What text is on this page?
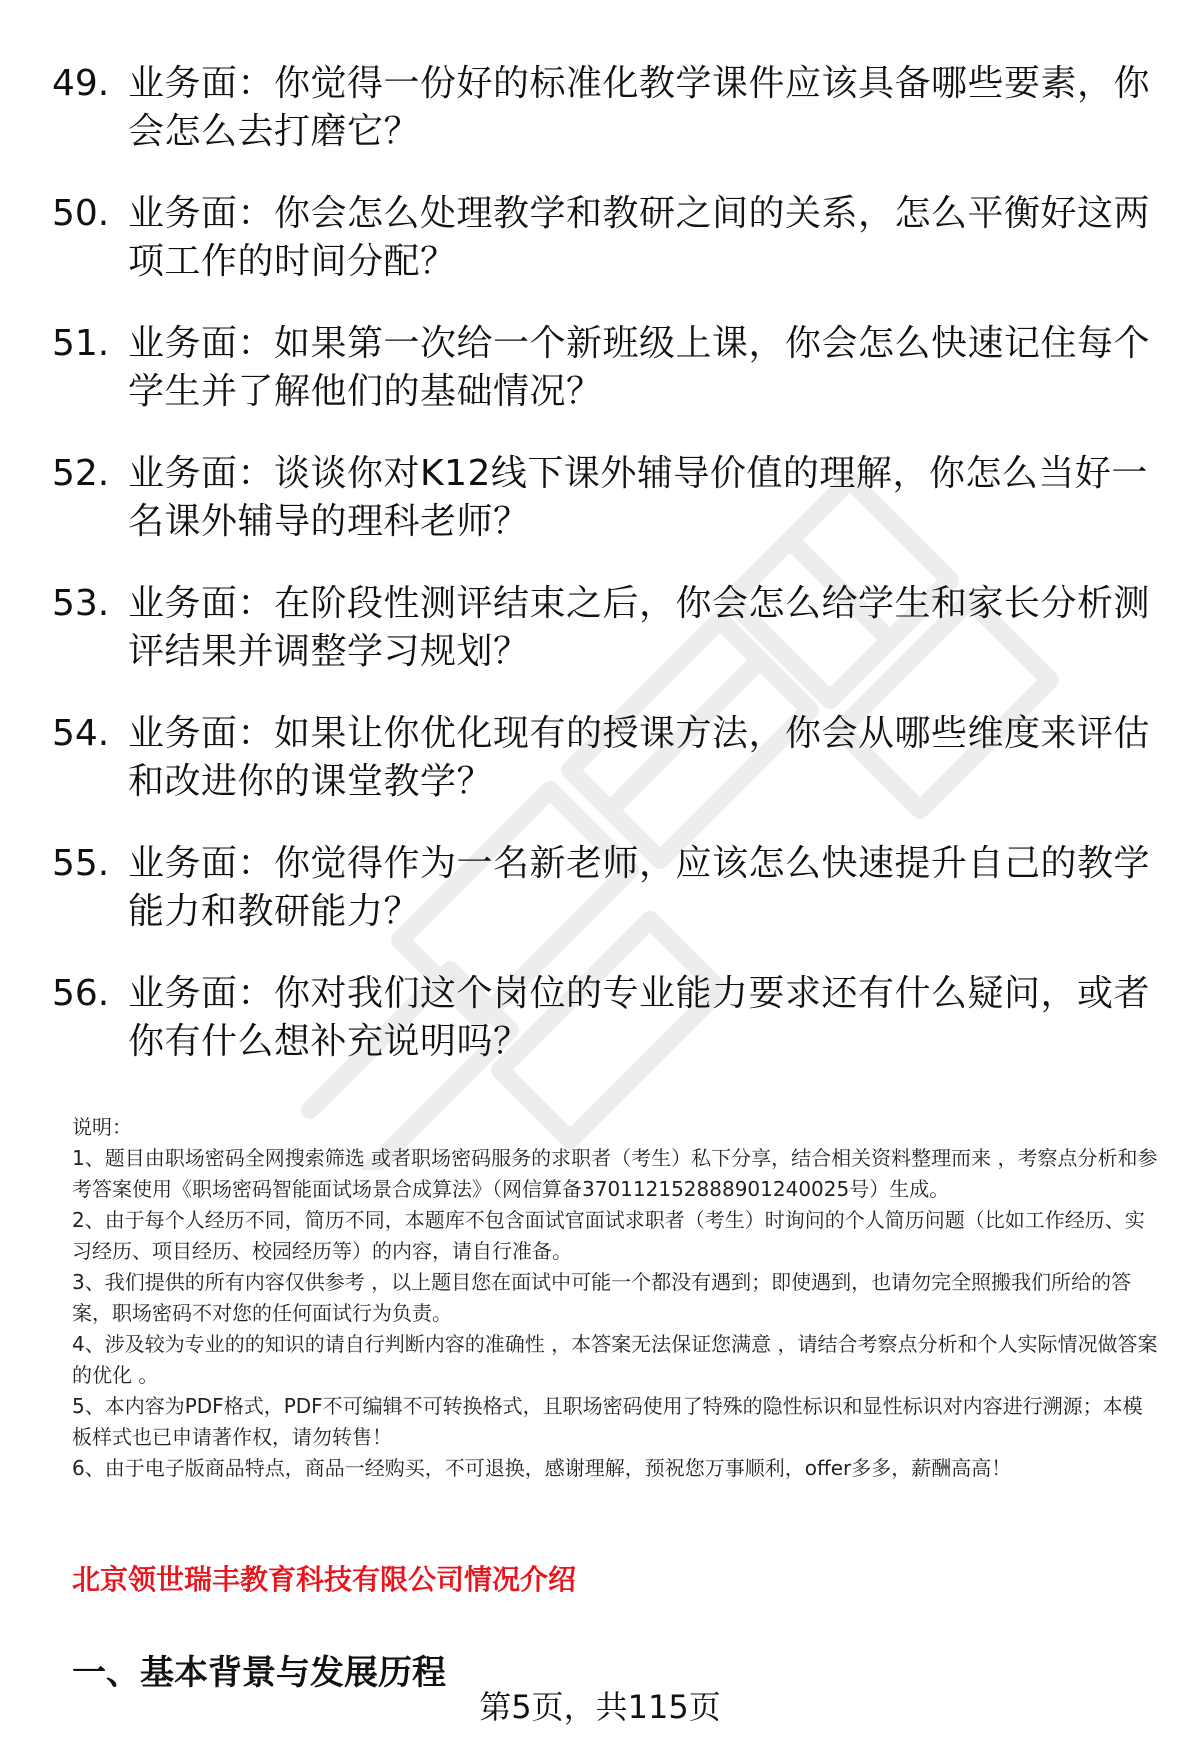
49. 业务面：你觉得一份好的标准化教学课件应该具备哪些要素，你会怎么去打磨它？
50. 业务面：你会怎么处理教学和教研之间的关系，怎么平衡好这两项工作的时间分配？
51. 业务面：如果第一次给一个新班级上课，你会怎么快速记住每个学生并了解他们的基础情况？
52. 业务面：谈谈你对K12线下课外辅导价值的理解，你怎么当好一名课外辅导的理科老师？
53. 业务面：在阶段性测评结束之后，你会怎么给学生和家长分析测评结果并调整学习规划？
54. 业务面：如果让你优化现有的授课方法，你会从哪些维度来评估和改进你的课堂教学？
55. 业务面：你觉得作为一名新老师，应该怎么快速提升自己的教学能力和教研能力？
56. 业务面：你对我们这个岗位的专业能力要求还有什么疑问，或者你有什么想补充说明吗？

说明：

1、题目由职场密码全网搜索筛选 或者职场密码服务的求职者（考生）私下分享，结合相关资料整理而来 ，考察点分析和参考答案使用《职场密码智能面试场景合成算法》（网信算备370112152888901240025号）生成。

2、由于每个人经历不同，简历不同，本题库不包含面试官面试求职者（考生）时询问的个人简历问题（比如工作经历、实习经历、项目经历、校园经历等）的内容，请自行准备。

3、我们提供的所有内容仅供参考 ，以上题目您在面试中可能一个都没有遇到；即使遇到，也请勿完全照搬我们所给的答案，职场密码不对您的任何面试行为负责。

4、涉及较为专业的的知识的请自行判断内容的准确性 ，本答案无法保证您满意 ，请结合考察点分析和个人实际情况做答案的优化 。

5、本内容为PDF格式，PDF不可编辑不可转换格式，且职场密码使用了特殊的隐性标识和显性标识对内容进行溯源；本模板样式也已申请著作权，请勿转售！

6、由于电子版商品特点，商品一经购买，不可退换，感谢理解，预祝您万事顺利，offer多多，薪酬高高！

北京领世瑞丰教育科技有限公司情况介绍
一、基本背景与发展历程
第5页，共115页
